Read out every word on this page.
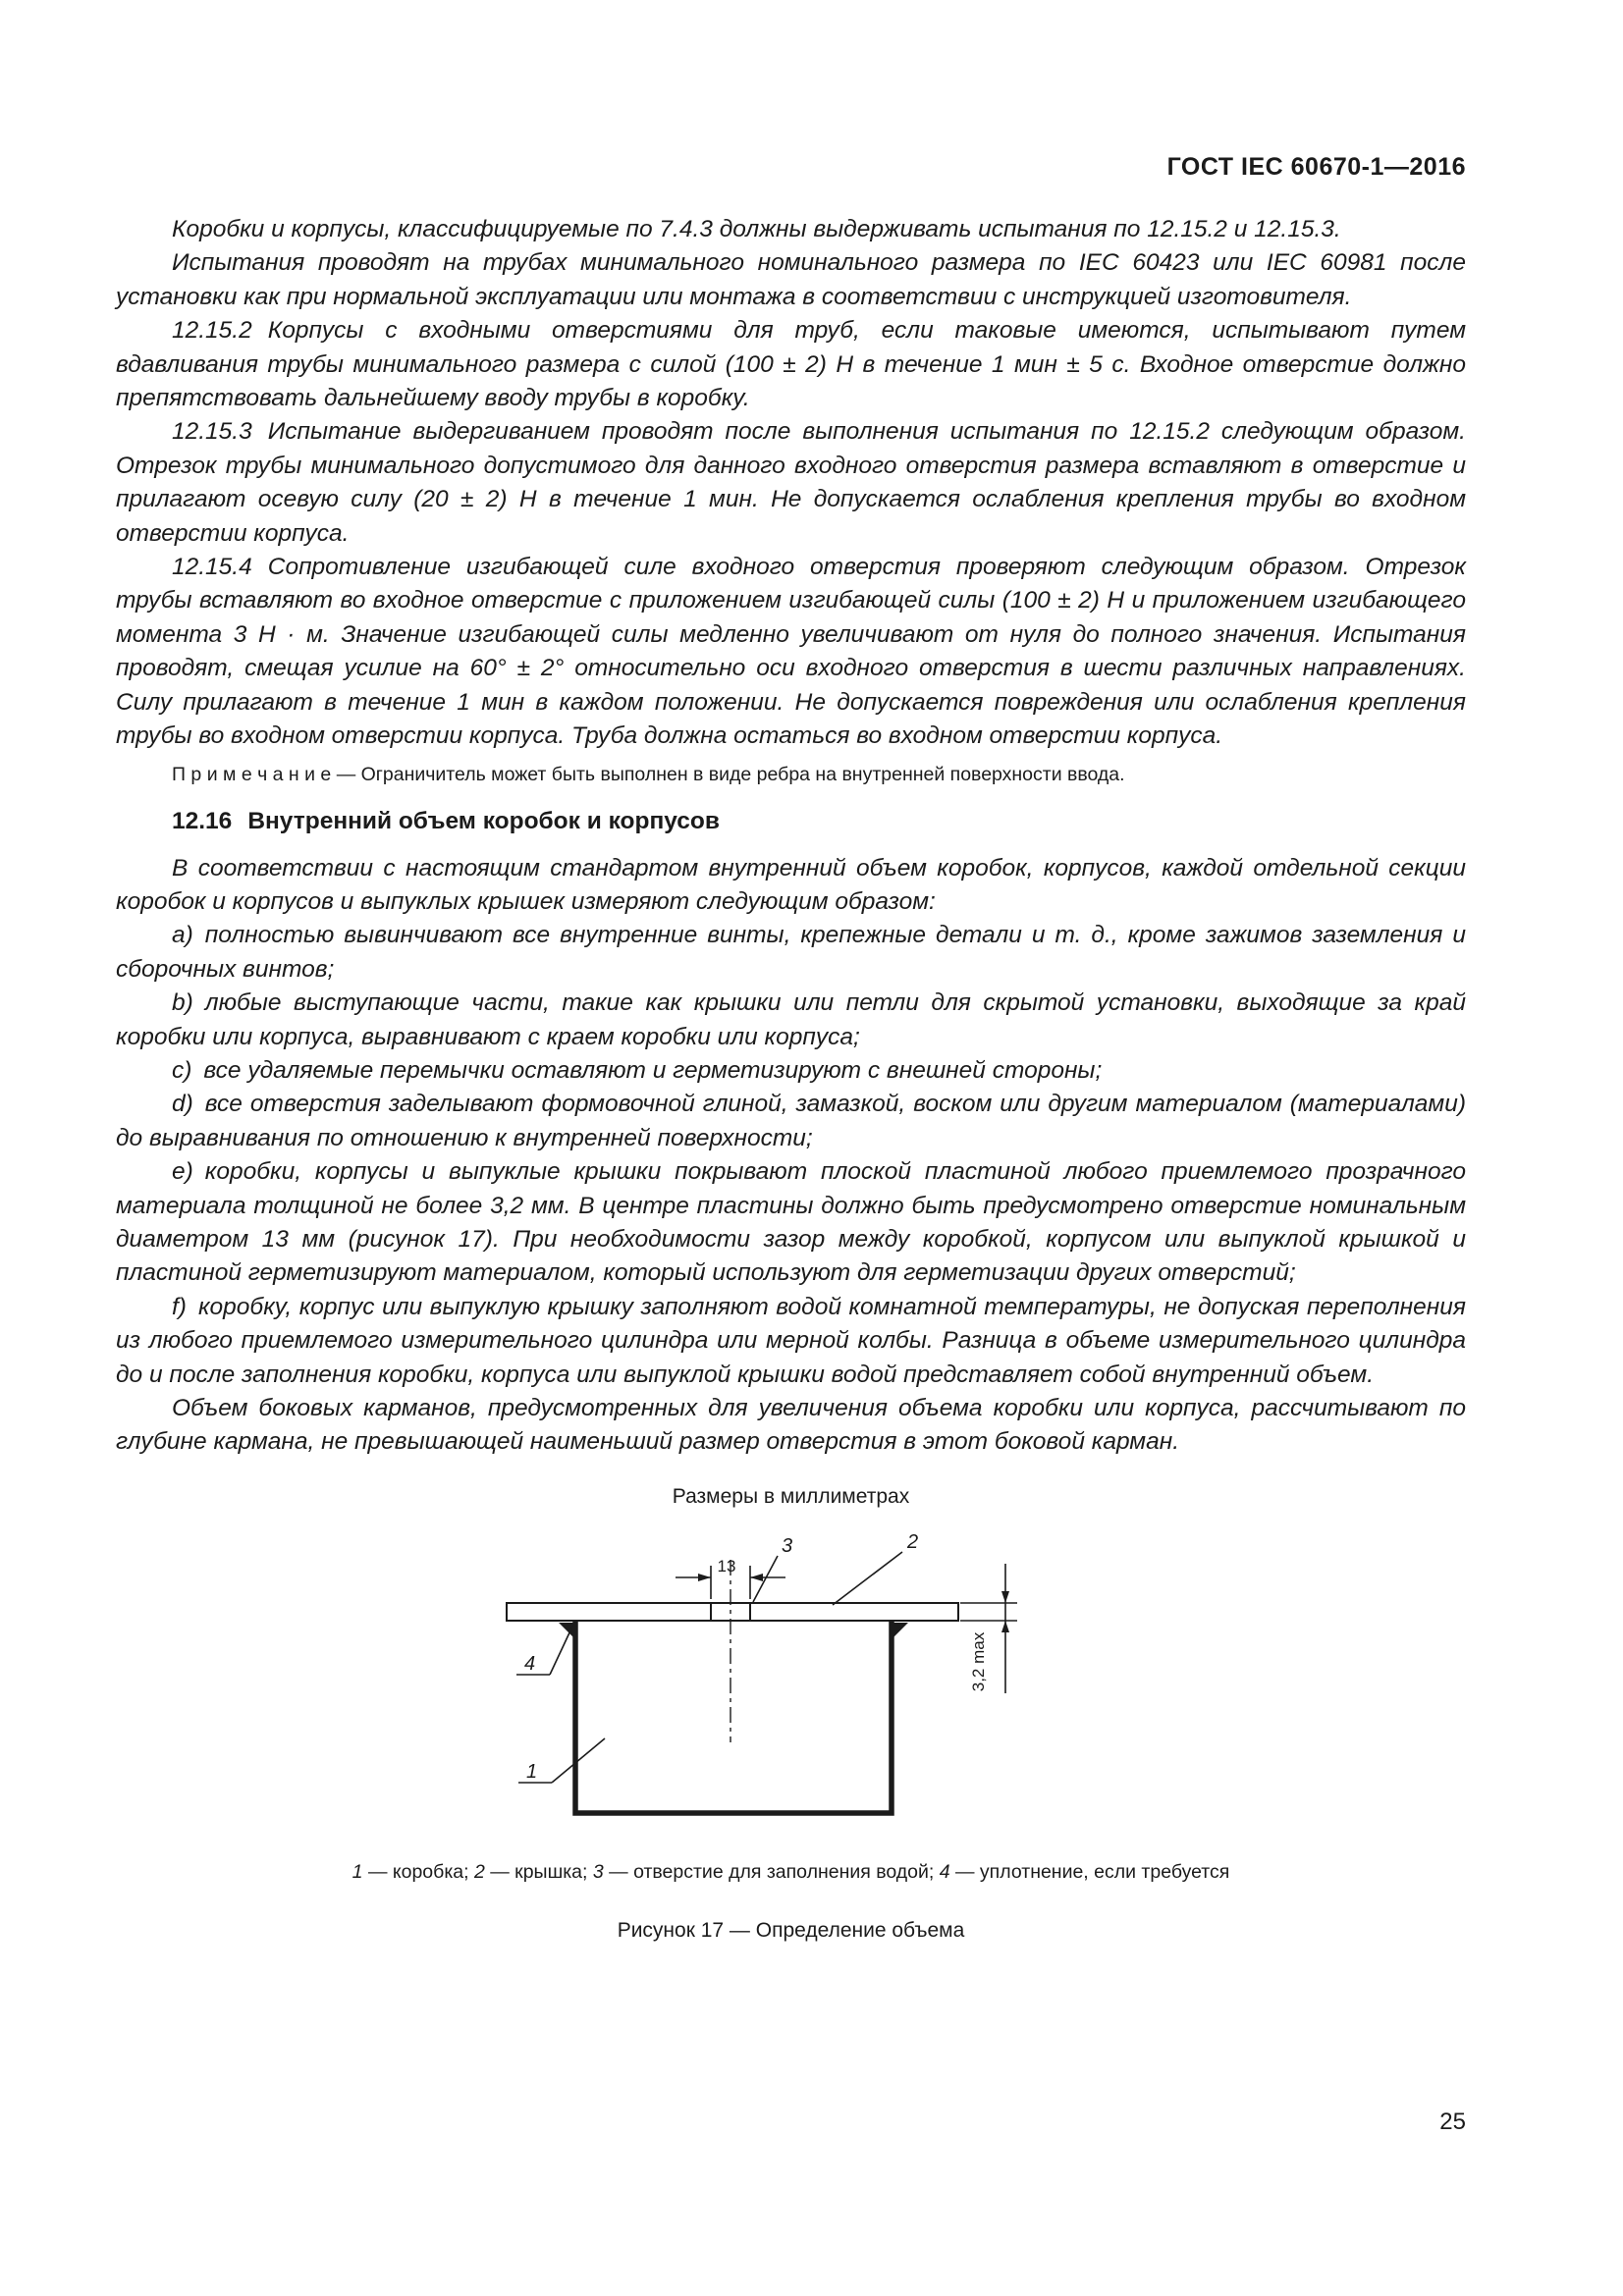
ГОСТ IEC 60670-1—2016

Коробки и корпусы, классифицируемые по 7.4.3 должны выдерживать испытания по 12.15.2 и 12.15.3.

Испытания проводят на трубах минимального номинального размера по IEC 60423 или IEC 60981 после установки как при нормальной эксплуатации или монтажа в соответствии с инструкцией изготовителя.

12.15.2 Корпусы с входными отверстиями для труб, если таковые имеются, испытывают путем вдавливания трубы минимального размера с силой (100 ± 2) Н в течение 1 мин ± 5 с. Входное отверстие должно препятствовать дальнейшему вводу трубы в коробку.

12.15.3 Испытание выдергиванием проводят после выполнения испытания по 12.15.2 следующим образом. Отрезок трубы минимального допустимого для данного входного отверстия размера вставляют в отверстие и прилагают осевую силу (20 ± 2) Н в течение 1 мин. Не допускается ослабления крепления трубы во входном отверстии корпуса.

12.15.4 Сопротивление изгибающей силе входного отверстия проверяют следующим образом. Отрезок трубы вставляют во входное отверстие с приложением изгибающей силы (100 ± 2) Н и приложением изгибающего момента 3 Н · м. Значение изгибающей силы медленно увеличивают от нуля до полного значения. Испытания проводят, смещая усилие на 60° ± 2° относительно оси входного отверстия в шести различных направлениях. Силу прилагают в течение 1 мин в каждом положении. Не допускается повреждения или ослабления крепления трубы во входном отверстии корпуса. Труба должна остаться во входном отверстии корпуса.

П р и м е ч а н и е — Ограничитель может быть выполнен в виде ребра на внутренней поверхности ввода.

12.16 Внутренний объем коробок и корпусов

В соответствии с настоящим стандартом внутренний объем коробок, корпусов, каждой отдельной секции коробок и корпусов и выпуклых крышек измеряют следующим образом:

a) полностью вывинчивают все внутренние винты, крепежные детали и т. д., кроме зажимов заземления и сборочных винтов;

b) любые выступающие части, такие как крышки или петли для скрытой установки, выходящие за край коробки или корпуса, выравнивают с краем коробки или корпуса;

c) все удаляемые перемычки оставляют и герметизируют с внешней стороны;

d) все отверстия заделывают формовочной глиной, замазкой, воском или другим материалом (материалами) до выравнивания по отношению к внутренней поверхности;

e) коробки, корпусы и выпуклые крышки покрывают плоской пластиной любого приемлемого прозрачного материала толщиной не более 3,2 мм. В центре пластины должно быть предусмотрено отверстие номинальным диаметром 13 мм (рисунок 17). При необходимости зазор между коробкой, корпусом или выпуклой крышкой и пластиной герметизируют материалом, который используют для герметизации других отверстий;

f) коробку, корпус или выпуклую крышку заполняют водой комнатной температуры, не допуская переполнения из любого приемлемого измерительного цилиндра или мерной колбы. Разница в объеме измерительного цилиндра до и после заполнения коробки, корпуса или выпуклой крышки водой представляет собой внутренний объем.

Объем боковых карманов, предусмотренных для увеличения объема коробки или корпуса, рассчитывают по глубине кармана, не превышающей наименьший размер отверстия в этот боковой карман.

Размеры в миллиметрах
13
3	2
4
1
3,2 max
1 — коробка; 2 — крышка; 3 — отверстие для заполнения водой; 4 — уплотнение, если требуется
Рисунок 17 — Определение объема
25
